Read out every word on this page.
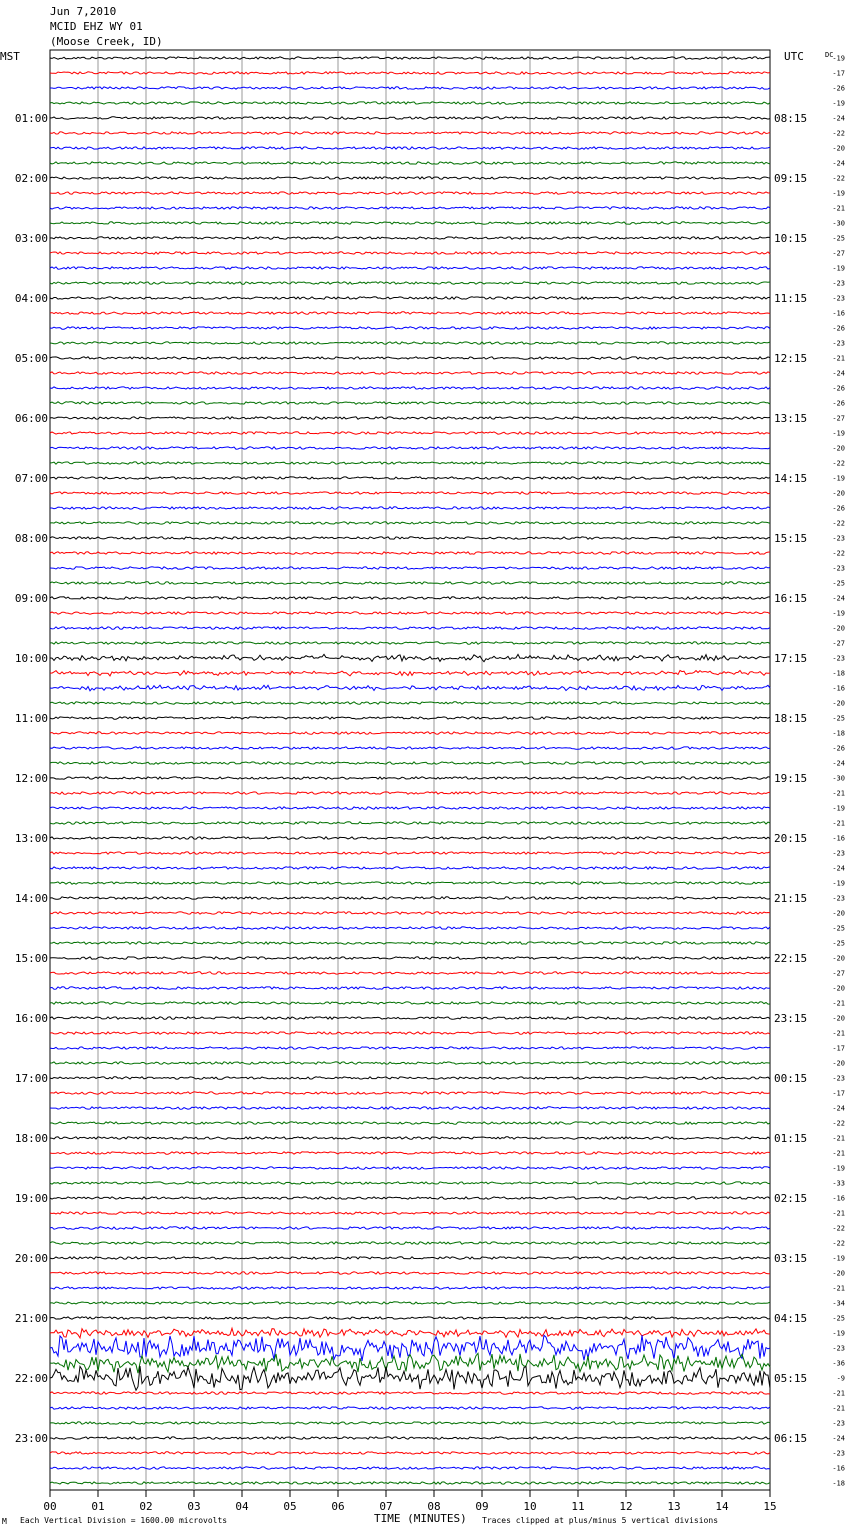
Jun 7,2010
MCID EHZ WY 01
(Moose Creek, ID)
MST	UTC	DC
01:00
02:00
03:00
04:00
05:00
06:00
07:00
08:00
09:00
10:00
11:00
12:00
13:00
14:00
15:00
16:00
17:00
18:00
19:00
20:00
21:00
22:00
23:00
08:15
09:15
10:15
11:15
12:15
13:15
14:15
15:15
16:15
17:15
18:15
19:15
20:15
21:15
22:15
23:15
00:15
01:15
02:15
03:15
04:15
05:15
06:15
-19
-17
-26
-19
-24
-22
-20
-24
-22
-19
-21
-30
-25
-27
-19
-23
-23
-16
-26
-23
-21
-24
-26
-26
-27
-19
-20
-22
-19
-20
-26
-22
-23
-22
-23
-25
-24
-19
-20
-27
-23
-18
-16
-20
-25
-18
-26
-24
-30
-21
-19
-21
-16
-23
-24
-19
-23
-20
-25
-25
-20
-27
-20
-21
-20
-21
-17
-20
-23
-17
-24
-22
-21
-21
-19
-33
-16
-21
-22
-22
-19
-20
-21
-34
-25
-19
-23
-36
-9
-21
-21
-23
-24
-23
-16
-18
00	01	02	03	04	05	06	07	08	09	10	11	12	13	14	15
TIME (MINUTES)
M Each Vertical Division = 1600.00 microvolts	Traces clipped at plus/minus 5 vertical divisions
